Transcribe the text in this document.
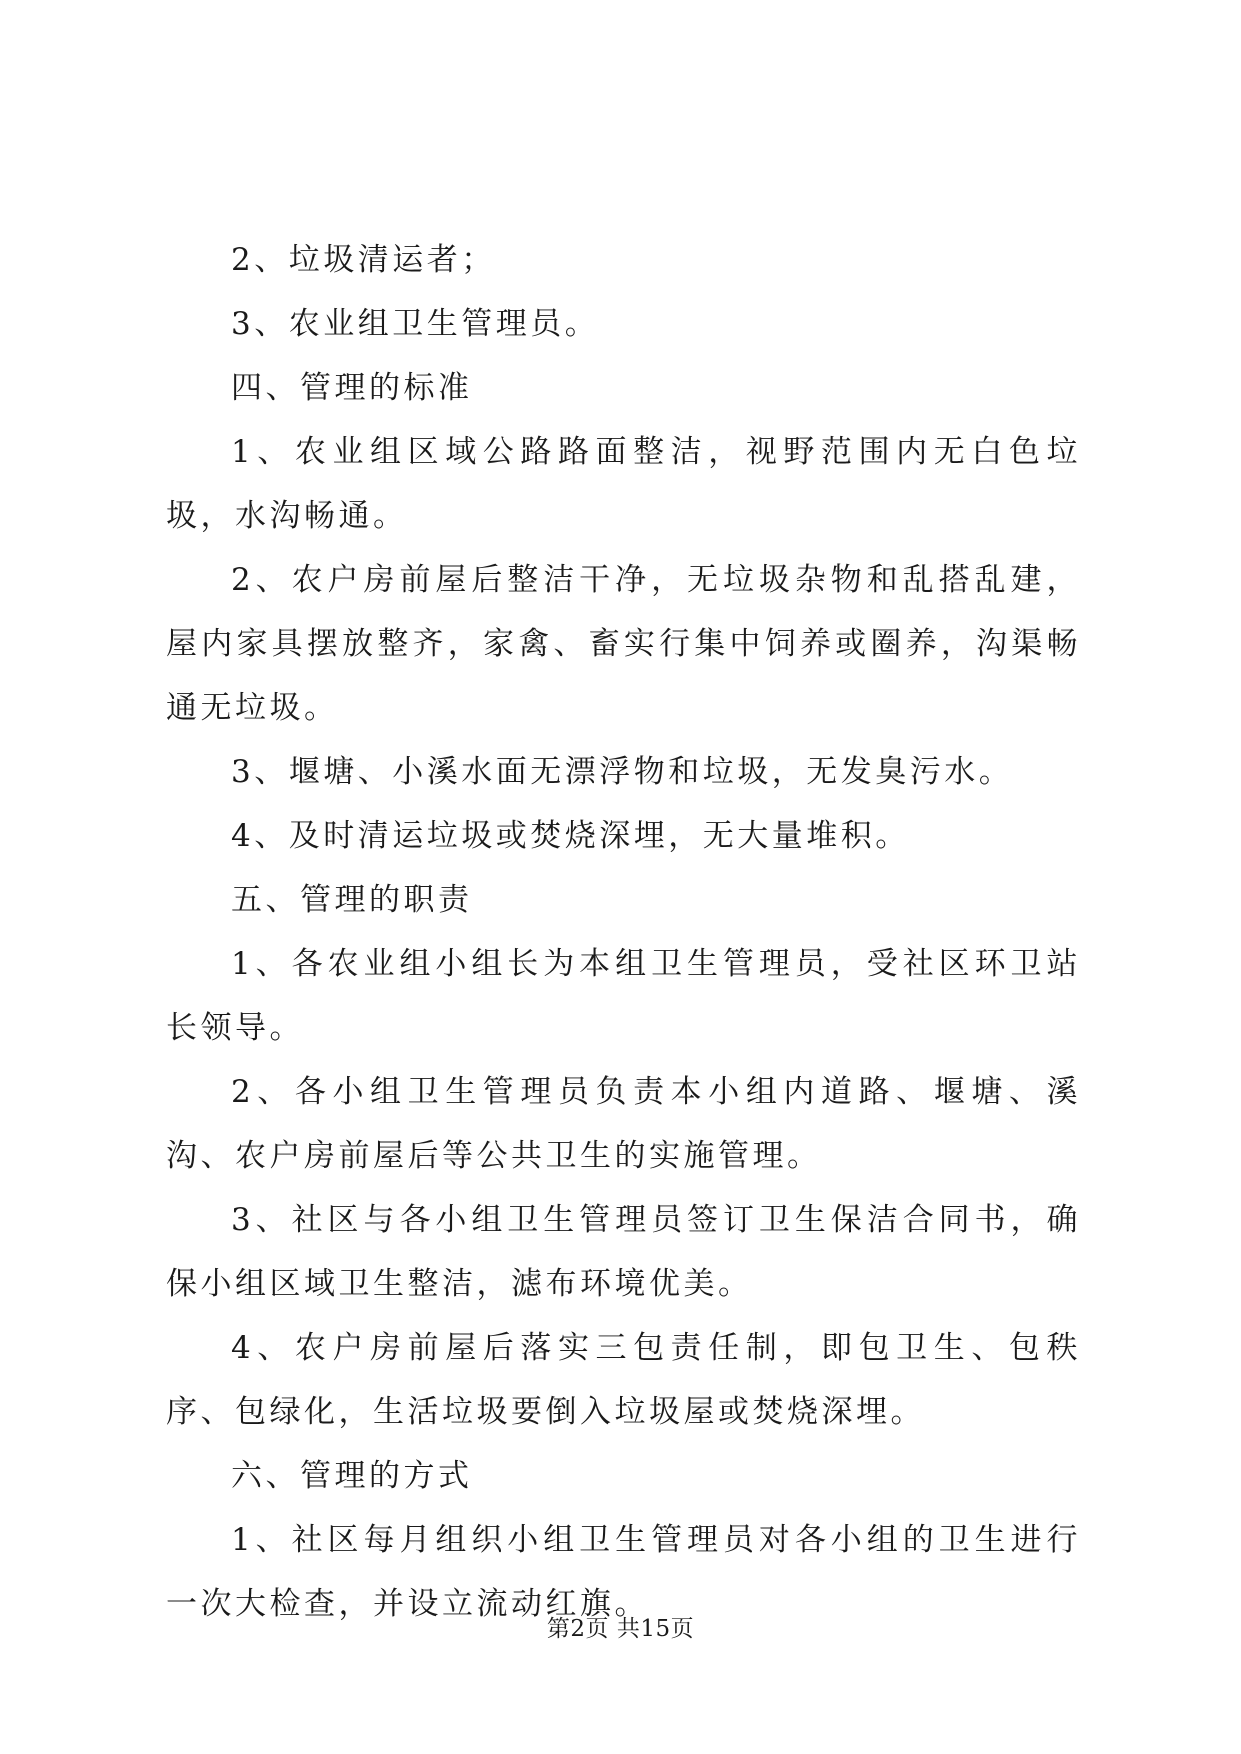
2、垃圾清运者；

3、农业组卫生管理员。

四、管理的标准

1、农业组区域公路路面整洁，视野范围内无白色垃圾，水沟畅通。

2、农户房前屋后整洁干净，无垃圾杂物和乱搭乱建，屋内家具摆放整齐，家禽、畜实行集中饲养或圈养，沟渠畅通无垃圾。

3、堰塘、小溪水面无漂浮物和垃圾，无发臭污水。

4、及时清运垃圾或焚烧深埋，无大量堆积。

五、管理的职责

1、各农业组小组长为本组卫生管理员，受社区环卫站长领导。

2、各小组卫生管理员负责本小组内道路、堰塘、溪沟、农户房前屋后等公共卫生的实施管理。

3、社区与各小组卫生管理员签订卫生保洁合同书，确保小组区域卫生整洁，滤布环境优美。

4、农户房前屋后落实三包责任制，即包卫生、包秩序、包绿化，生活垃圾要倒入垃圾屋或焚烧深埋。

六、管理的方式

1、社区每月组织小组卫生管理员对各小组的卫生进行一次大检查，并设立流动红旗。

第2页 共15页
